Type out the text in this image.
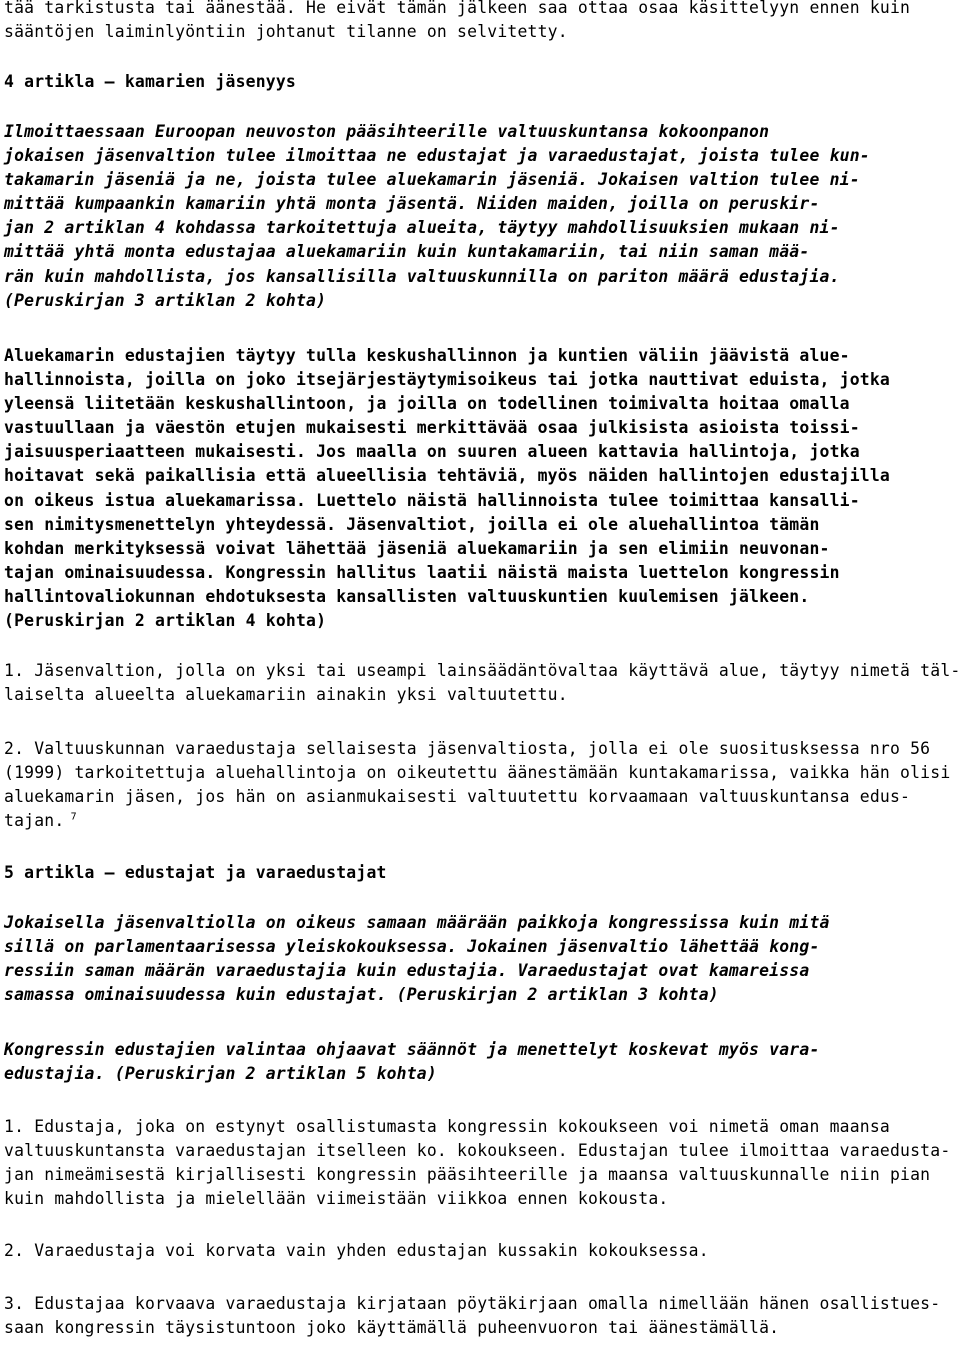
tää tarkistusta tai äänestää. He eivät tämän jälkeen saa ottaa osaa käsittelyyn ennen kuin
sääntöjen laiminlyöntiin johtanut tilanne on selvitetty.
4 artikla — kamarien jäsenyys
Ilmoittaessaan Euroopan neuvoston pääsihteerille valtuuskuntansa kokoonpanon
jokaisen jäsenvaltion tulee ilmoittaa ne edustajat ja varaedustajat, joista tulee kun-
takamarin jäseniä ja ne, joista tulee aluekamarin jäseniä. Jokaisen valtion tulee ni-
mittää kumpaankin kamariin yhtä monta jäsentä. Niiden maiden, joilla on peruskir-
jan 2 artiklan 4 kohdassa tarkoitettuja alueita, täytyy mahdollisuuksien mukaan ni-
mittää yhtä monta edustajaa aluekamariin kuin kuntakamariin, tai niin saman mää-
rän kuin mahdollista, jos kansallisilla valtuuskunnilla on pariton määrä edustajia.
(Peruskirjan 3 artiklan 2 kohta)
Aluekamarin edustajien täytyy tulla keskushallinnon ja kuntien väliin jäävistä alue-
hallinnoista, joilla on joko itsejärjestäytymisoikeus tai jotka nauttivat eduista, jotka
yleensä liitetään keskushallintoon, ja joilla on todellinen toimivalta hoitaa omalla
vastuullaan ja väestön etujen mukaisesti merkittävää osaa julkisista asioista toissi-
jaisuusperiaatteen mukaisesti. Jos maalla on suuren alueen kattavia hallintoja, jotka
hoitavat sekä paikallisia että alueellisia tehtäviä, myös näiden hallintojen edustajilla
on oikeus istua aluekamarissa. Luettelo näistä hallinnoista tulee toimittaa kansalli-
sen nimitysmenettelyn yhteydessä. Jäsenvaltiot, joilla ei ole aluehallintoa tämän
kohdan merkityksessä voivat lähettää jäseniä aluekamariin ja sen elimiin neuvonan-
tajan ominaisuudessa. Kongressin hallitus laatii näistä maista luettelon kongressin
hallintovaliokunnan ehdotuksesta kansallisten valtuuskuntien kuulemisen jälkeen.
(Peruskirjan 2 artiklan 4 kohta)
1. Jäsenvaltion, jolla on yksi tai useampi lainsäädäntövaltaa käyttävä alue, täytyy nimetä täl-
laiselta alueelta aluekamariin ainakin yksi valtuutettu.
2. Valtuuskunnan varaedustaja sellaisesta jäsenvaltiosta, jolla ei ole suositusksessa nro 56
(1999) tarkoitettuja aluehallintoja on oikeutettu äänestämään kuntakamarissa, vaikka hän olisi
aluekamarin jäsen, jos hän on asianmukaisesti valtuutettu korvaamaan valtuuskuntansa edus-
tajan. $^7$
5 artikla — edustajat ja varaedustajat
Jokaisella jäsenvaltiolla on oikeus samaan määrään paikkoja kongressissa kuin mitä
sillä on parlamentaarisessa yleiskokouksessa. Jokainen jäsenvaltio lähettää kong-
ressiin saman määrän varaedustajia kuin edustajia. Varaedustajat ovat kamareissa
samassa ominaisuudessa kuin edustajat. (Peruskirjan 2 artiklan 3 kohta)
Kongressin edustajien valintaa ohjaavat säännöt ja menettelyt koskevat myös vara-
edustajia. (Peruskirjan 2 artiklan 5 kohta)
1. Edustaja, joka on estynyt osallistumasta kongressin kokoukseen voi nimetä oman maansa
valtuuskuntansta varaedustajan itselleen ko. kokoukseen. Edustajan tulee ilmoittaa varaedusta-
jan nimeämisestä kirjallisesti kongressin pääsihteerille ja maansa valtuuskunnalle niin pian
kuin mahdollista ja mielellään viimeistään viikkoa ennen kokousta.
2. Varaedustaja voi korvata vain yhden edustajan kussakin kokouksessa.
3. Edustajaa korvaava varaedustaja kirjataan pöytäkirjaan omalla nimellään hänen osallistues-
saan kongressin täysistuntoon joko käyttämällä puheenvuoron tai äänestämällä.
